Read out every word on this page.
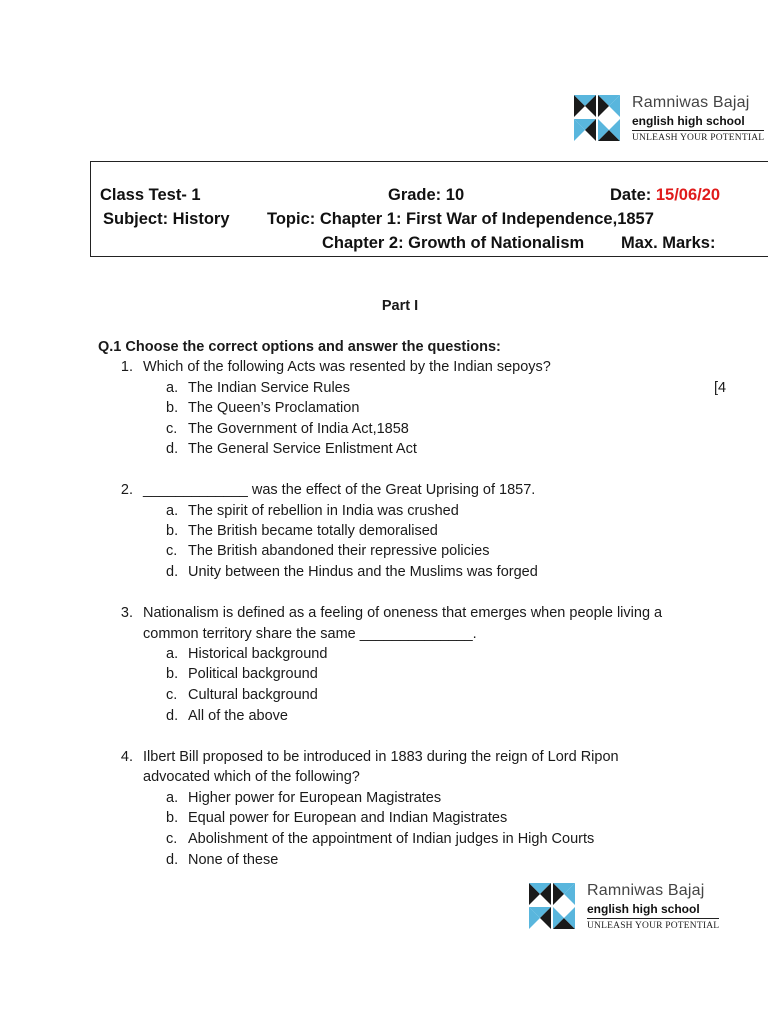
Ramniwas Bajaj
english high school
UNLEASH YOUR POTENTIAL
Class Test- 1	Grade: 10	Date: 15/06/20
Subject: History Topic: Chapter 1: First War of Independence,1857
Chapter 2: Growth of Nationalism Max. Marks:
Part I
Q.1 Choose the correct options and answer the questions:
[4
1. Which of the following Acts was resented by the Indian sepoys?
a. The Indian Service Rules
b. The Queen’s Proclamation
c. The Government of India Act,1858
d. The General Service Enlistment Act
2. _____________ was the effect of the Great Uprising of 1857.
a. The spirit of rebellion in India was crushed
b. The British became totally demoralised
c. The British abandoned their repressive policies
d. Unity between the Hindus and the Muslims was forged
3. Nationalism is defined as a feeling of oneness that emerges when people living a
common territory share the same ______________.
a. Historical background
b. Political background
c. Cultural background
d. All of the above
4. Ilbert Bill proposed to be introduced in 1883 during the reign of Lord Ripon
advocated which of the following?
a. Higher power for European Magistrates
b. Equal power for European and Indian Magistrates
c. Abolishment of the appointment of Indian judges in High Courts
d. None of these
Ramniwas Bajaj
english high school
UNLEASH YOUR POTENTIAL
